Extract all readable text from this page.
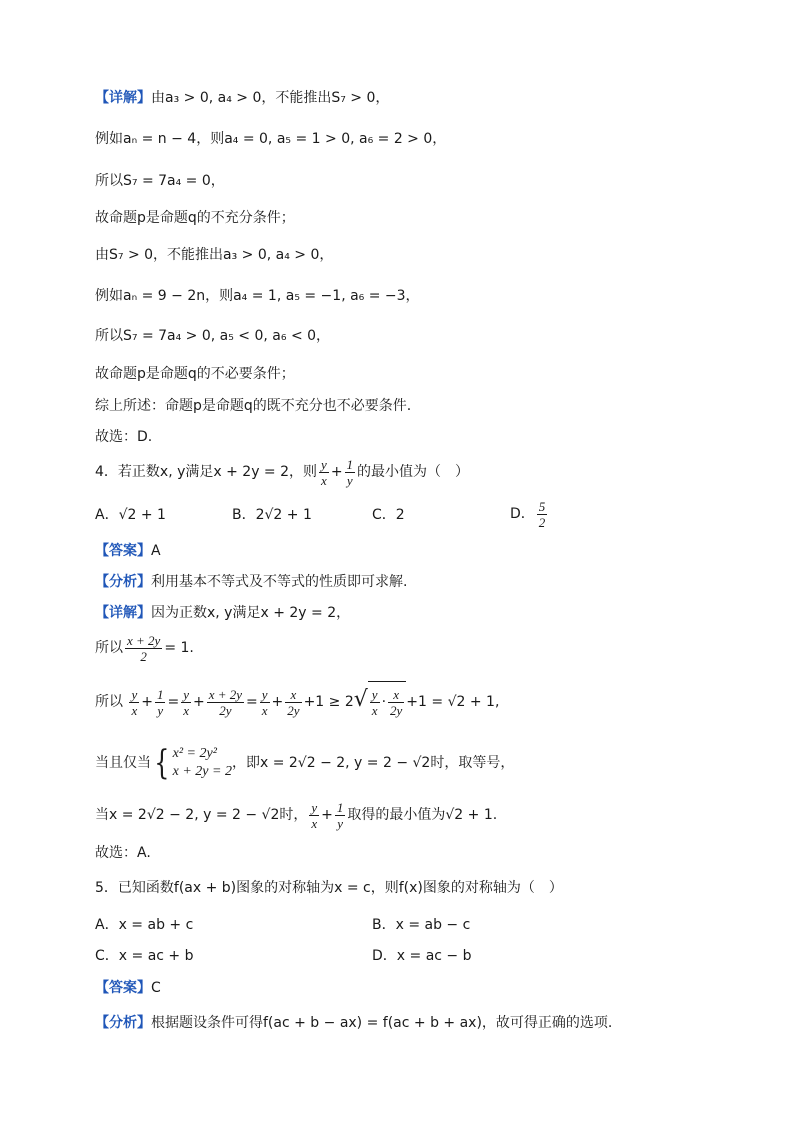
【详解】由a₃ > 0, a₄ > 0，不能推出S₇ > 0，
例如aₙ = n − 4，则a₄ = 0, a₅ = 1 > 0, a₆ = 2 > 0，
所以S₇ = 7a₄ = 0，
故命题p是命题q的不充分条件；
由S₇ > 0，不能推出a₃ > 0, a₄ > 0，
例如aₙ = 9 − 2n，则a₄ = 1, a₅ = −1, a₆ = −3，
所以S₇ = 7a₄ > 0, a₅ < 0, a₆ < 0，
故命题p是命题q的不必要条件；
综上所述：命题p是命题q的既不充分也不必要条件.
故选：D.
4．若正数x, y满足x + 2y = 2，则 $\frac{y}{x} + \frac{1}{y}$ 的最小值为（　）
A．√2 + 1	B．2√2 + 1	C．2	D． $\frac{5}{2}$
【答案】A
【分析】利用基本不等式及不等式的性质即可求解.
【详解】因为正数x, y满足x + 2y = 2，
所以 $\frac{x + 2y}{2} = 1$.
所以 $\frac{y}{x} + \frac{1}{y} = \frac{y}{x} + \frac{x + 2y}{2y} = \frac{y}{x} + \frac{x}{2y} +1 \ge 2√ \frac{y}{x} \cdot \frac{x}{2y} +1 = √2 + 1$,
当且仅当{ x² = 2y²
x + 2y = 2
，即x = 2√2 − 2, y = 2 − √2时，取等号，
当x = 2√2 − 2, y = 2 − √2时， $\frac{y}{x} + \frac{1}{y}$ 取得的最小值为√2 + 1.
故选：A.
5．已知函数f(ax + b)图象的对称轴为x = c，则f(x)图象的对称轴为（　）
A．x = ab + c	B．x = ab − c
C．x = ac + b	D．x = ac − b
【答案】C
【分析】根据题设条件可得f(ac + b − ax) = f(ac + b + ax)，故可得正确的选项.
